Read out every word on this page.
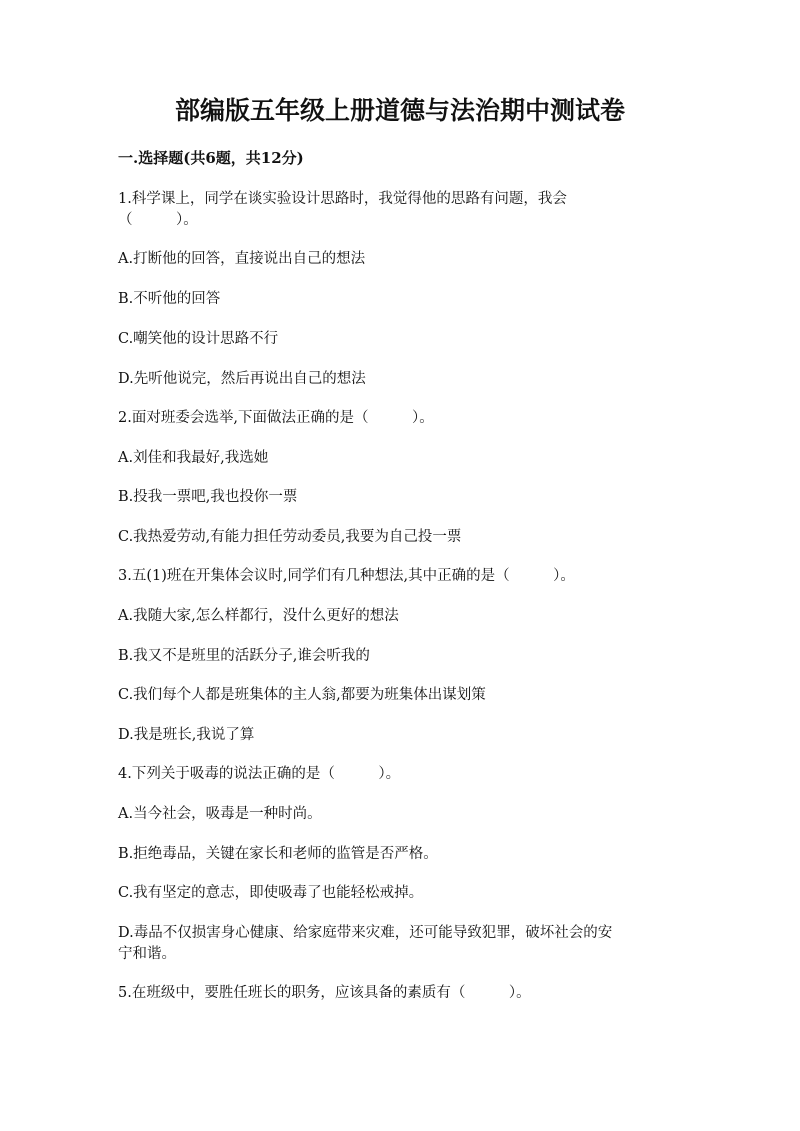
部编版五年级上册道德与法治期中测试卷
一.选择题(共6题，共12分)
1.科学课上，同学在谈实验设计思路时，我觉得他的思路有问题，我会
（　　　）。
A.打断他的回答，直接说出自己的想法
B.不听他的回答
C.嘲笑他的设计思路不行
D.先听他说完，然后再说出自己的想法
2.面对班委会选举,下面做法正确的是（　　　）。
A.刘佳和我最好,我选她
B.投我一票吧,我也投你一票
C.我热爱劳动,有能力担任劳动委员,我要为自己投一票
3.五(1)班在开集体会议时,同学们有几种想法,其中正确的是（　　　）。
A.我随大家,怎么样都行，没什么更好的想法
B.我又不是班里的活跃分子,谁会听我的
C.我们每个人都是班集体的主人翁,都要为班集体出谋划策
D.我是班长,我说了算
4.下列关于吸毒的说法正确的是（　　　）。
A.当今社会，吸毒是一种时尚。
B.拒绝毒品，关键在家长和老师的监管是否严格。
C.我有坚定的意志，即使吸毒了也能轻松戒掉。
D.毒品不仅损害身心健康、给家庭带来灾难，还可能导致犯罪，破坏社会的安
宁和谐。
5.在班级中，要胜任班长的职务，应该具备的素质有（　　　）。
